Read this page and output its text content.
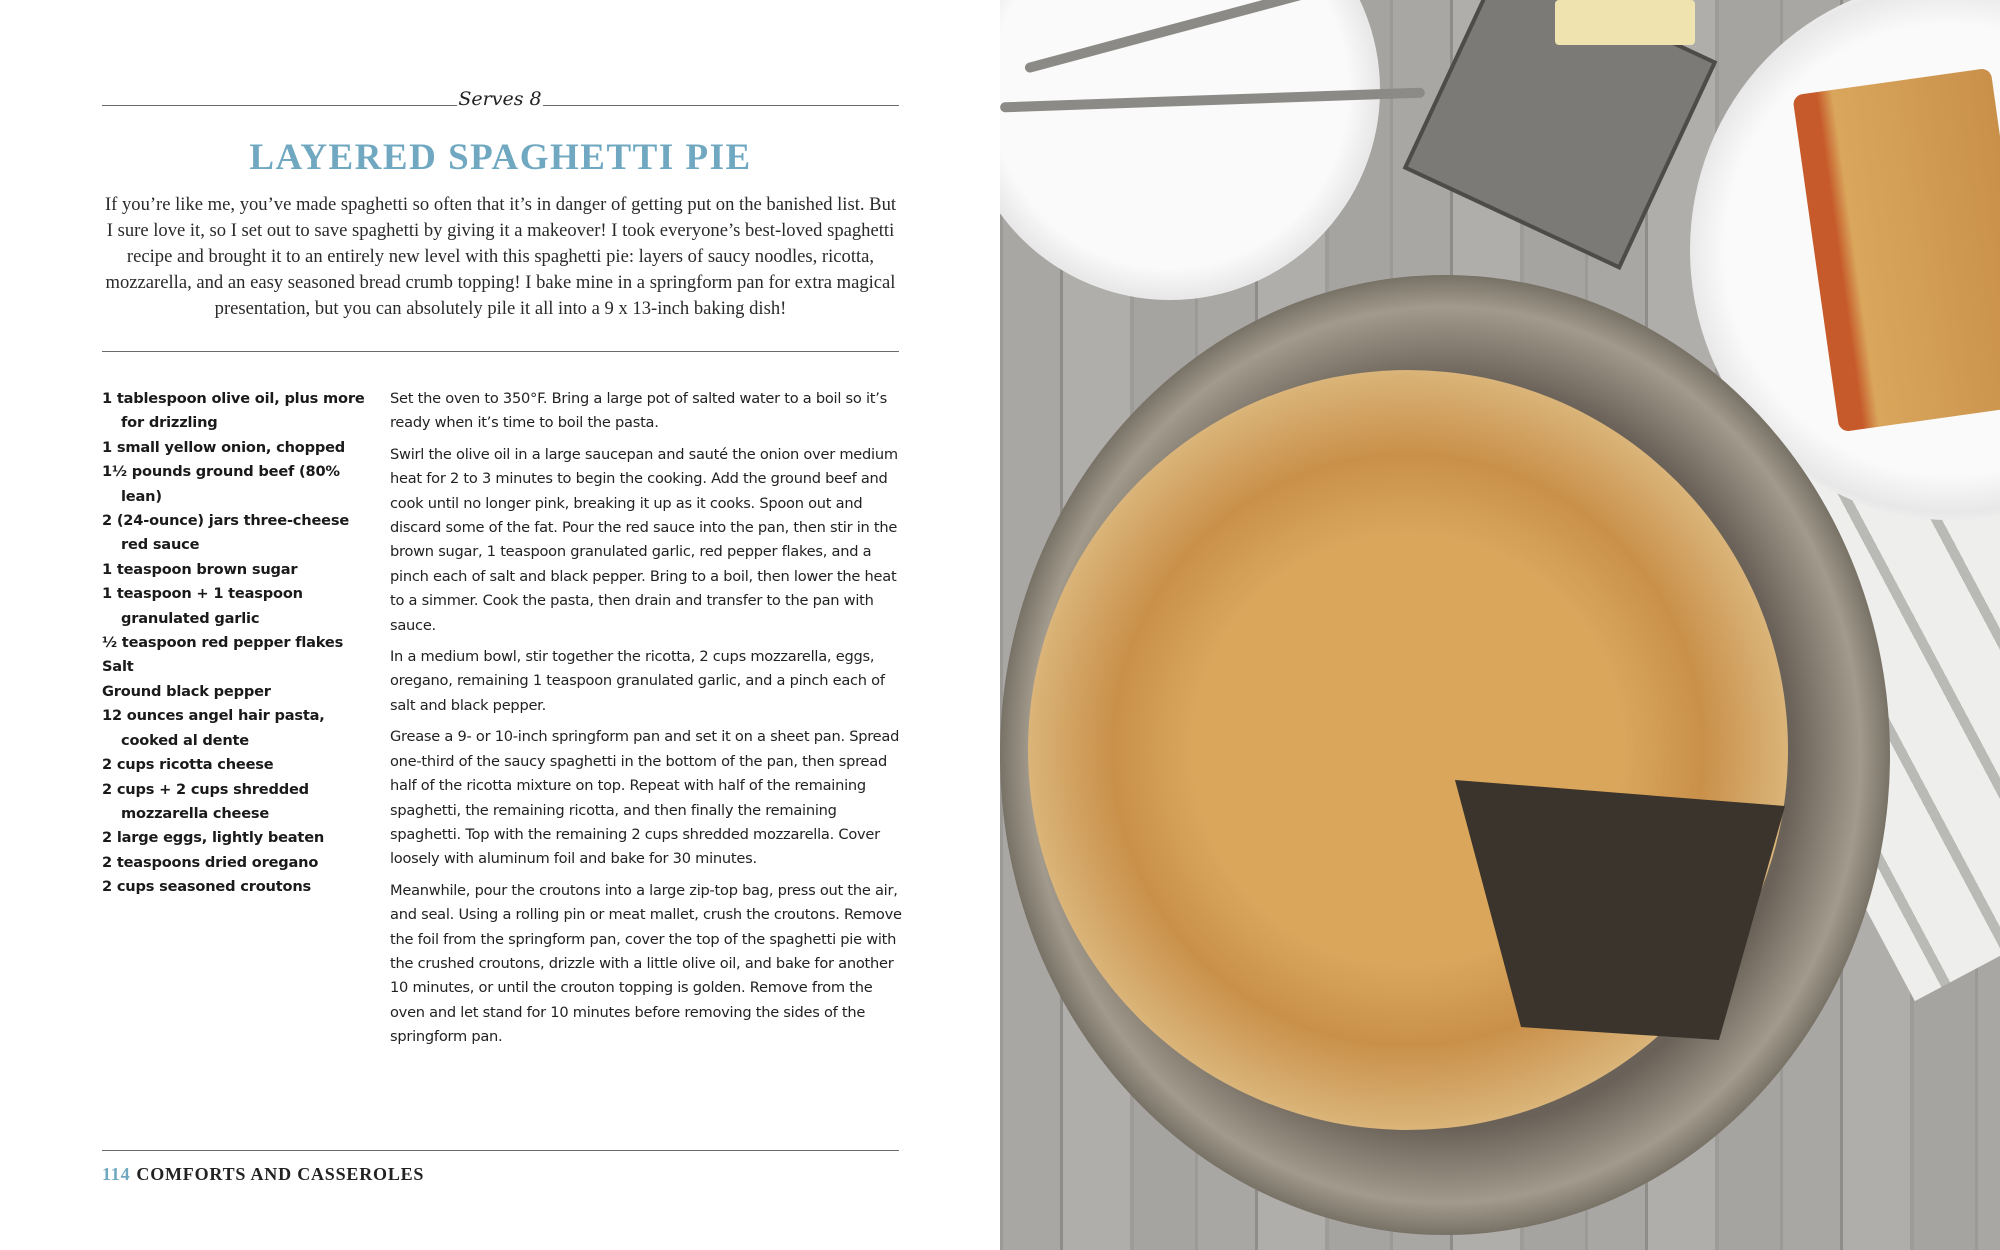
Serves 8
LAYERED SPAGHETTI PIE
If you’re like me, you’ve made spaghetti so often that it’s in danger of getting put on the banished list. But I sure love it, so I set out to save spaghetti by giving it a makeover! I took everyone’s best-loved spaghetti recipe and brought it to an entirely new level with this spaghetti pie: layers of saucy noodles, ricotta, mozzarella, and an easy seasoned bread crumb topping! I bake mine in a springform pan for extra magical presentation, but you can absolutely pile it all into a 9 x 13-inch baking dish!
1 tablespoon olive oil, plus more for drizzling
1 small yellow onion, chopped
1½ pounds ground beef (80% lean)
2 (24-ounce) jars three-cheese red sauce
1 teaspoon brown sugar
1 teaspoon + 1 teaspoon granulated garlic
½ teaspoon red pepper flakes
Salt
Ground black pepper
12 ounces angel hair pasta, cooked al dente
2 cups ricotta cheese
2 cups + 2 cups shredded mozzarella cheese
2 large eggs, lightly beaten
2 teaspoons dried oregano
2 cups seasoned croutons

Set the oven to 350°F. Bring a large pot of salted water to a boil so it’s ready when it’s time to boil the pasta.

Swirl the olive oil in a large saucepan and sauté the onion over medium heat for 2 to 3 minutes to begin the cooking. Add the ground beef and cook until no longer pink, breaking it up as it cooks. Spoon out and discard some of the fat. Pour the red sauce into the pan, then stir in the brown sugar, 1 teaspoon granulated garlic, red pepper flakes, and a pinch each of salt and black pepper. Bring to a boil, then lower the heat to a simmer. Cook the pasta, then drain and transfer to the pan with sauce.

In a medium bowl, stir together the ricotta, 2 cups mozzarella, eggs, oregano, remaining 1 teaspoon granulated garlic, and a pinch each of salt and black pepper.

Grease a 9- or 10-inch springform pan and set it on a sheet pan. Spread one-third of the saucy spaghetti in the bottom of the pan, then spread half of the ricotta mixture on top. Repeat with half of the remaining spaghetti, the remaining ricotta, and then finally the remaining spaghetti. Top with the remaining 2 cups shredded mozzarella. Cover loosely with aluminum foil and bake for 30 minutes.

Meanwhile, pour the croutons into a large zip-top bag, press out the air, and seal. Using a rolling pin or meat mallet, crush the croutons. Remove the foil from the springform pan, cover the top of the spaghetti pie with the crushed croutons, drizzle with a little olive oil, and bake for another 10 minutes, or until the crouton topping is golden. Remove from the oven and let stand for 10 minutes before removing the sides of the springform pan.

114 COMFORTS AND CASSEROLES
